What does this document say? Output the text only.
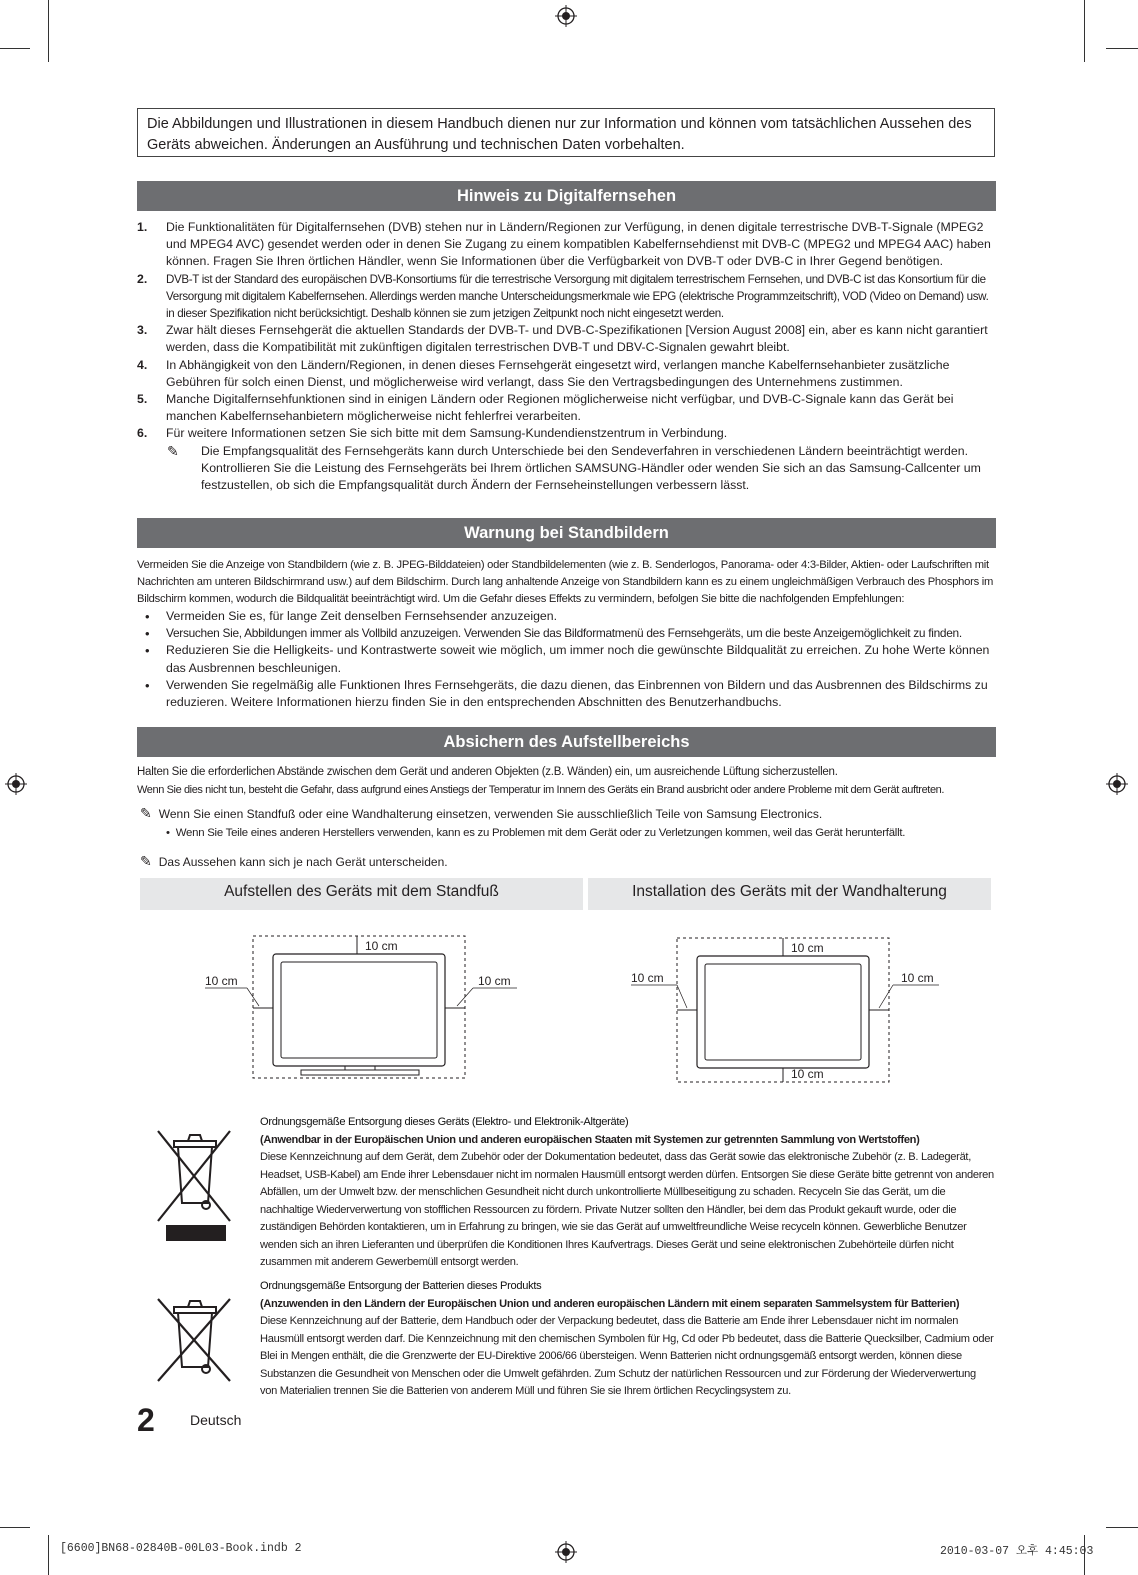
Die Abbildungen und Illustrationen in diesem Handbuch dienen nur zur Information und können vom tatsächlichen Aussehen des Geräts abweichen. Änderungen an Ausführung und technischen Daten vorbehalten.
Hinweis zu Digitalfernsehen
1. Die Funktionalitäten für Digitalfernsehen (DVB) stehen nur in Ländern/Regionen zur Verfügung, in denen digitale terrestrische DVB-T-Signale (MPEG2 und MPEG4 AVC) gesendet werden oder in denen Sie Zugang zu einem kompatiblen Kabelfernsehdienst mit DVB-C (MPEG2 und MPEG4 AAC) haben können. Fragen Sie Ihren örtlichen Händler, wenn Sie Informationen über die Verfügbarkeit von DVB-T oder DVB-C in Ihrer Gegend benötigen.
2. DVB-T ist der Standard des europäischen DVB-Konsortiums für die terrestrische Versorgung mit digitalem terrestrischem Fernsehen, und DVB-C ist das Konsortium für die Versorgung mit digitalem Kabelfernsehen. Allerdings werden manche Unterscheidungsmerkmale wie EPG (elektrische Programmzeitschrift), VOD (Video on Demand) usw. in dieser Spezifikation nicht berücksichtigt. Deshalb können sie zum jetzigen Zeitpunkt noch nicht eingesetzt werden.
3. Zwar hält dieses Fernsehgerät die aktuellen Standards der DVB-T- und DVB-C-Spezifikationen [Version August 2008] ein, aber es kann nicht garantiert werden, dass die Kompatibilität mit zukünftigen digitalen terrestrischen DVB-T und DBV-C-Signalen gewahrt bleibt.
4. In Abhängigkeit von den Ländern/Regionen, in denen dieses Fernsehgerät eingesetzt wird, verlangen manche Kabelfernsehanbieter zusätzliche Gebühren für solch einen Dienst, und möglicherweise wird verlangt, dass Sie den Vertragsbedingungen des Unternehmens zustimmen.
5. Manche Digitalfernsehfunktionen sind in einigen Ländern oder Regionen möglicherweise nicht verfügbar, und DVB-C-Signale kann das Gerät bei manchen Kabelfernsehanbietern möglicherweise nicht fehlerfrei verarbeiten.
6. Für weitere Informationen setzen Sie sich bitte mit dem Samsung-Kundendienstzentrum in Verbindung.
✎ Die Empfangsqualität des Fernsehgeräts kann durch Unterschiede bei den Sendeverfahren in verschiedenen Ländern beeinträchtigt werden. Kontrollieren Sie die Leistung des Fernsehgeräts bei Ihrem örtlichen SAMSUNG-Händler oder wenden Sie sich an das Samsung-Callcenter um festzustellen, ob sich die Empfangsqualität durch Ändern der Fernseheinstellungen verbessern lässt.
Warnung bei Standbildern
Vermeiden Sie die Anzeige von Standbildern (wie z. B. JPEG-Bilddateien) oder Standbildelementen (wie z. B. Senderlogos, Panorama- oder 4:3-Bilder, Aktien- oder Laufschriften mit Nachrichten am unteren Bildschirmrand usw.) auf dem Bildschirm. Durch lang anhaltende Anzeige von Standbildern kann es zu einem ungleichmäßigen Verbrauch des Phosphors im Bildschirm kommen, wodurch die Bildqualität beeinträchtigt wird. Um die Gefahr dieses Effekts zu vermindern, befolgen Sie bitte die nachfolgenden Empfehlungen:
• Vermeiden Sie es, für lange Zeit denselben Fernsehsender anzuzeigen.
• Versuchen Sie, Abbildungen immer als Vollbild anzuzeigen. Verwenden Sie das Bildformatmenü des Fernsehgeräts, um die beste Anzeigemöglichkeit zu finden.
• Reduzieren Sie die Helligkeits- und Kontrastwerte soweit wie möglich, um immer noch die gewünschte Bildqualität zu erreichen. Zu hohe Werte können das Ausbrennen beschleunigen.
• Verwenden Sie regelmäßig alle Funktionen Ihres Fernsehgeräts, die dazu dienen, das Einbrennen von Bildern und das Ausbrennen des Bildschirms zu reduzieren. Weitere Informationen hierzu finden Sie in den entsprechenden Abschnitten des Benutzerhandbuchs.
Absichern des Aufstellbereichs
Halten Sie die erforderlichen Abstände zwischen dem Gerät und anderen Objekten (z.B. Wänden) ein, um ausreichende Lüftung sicherzustellen.
Wenn Sie dies nicht tun, besteht die Gefahr, dass aufgrund eines Anstiegs der Temperatur im Innern des Geräts ein Brand ausbricht oder andere Probleme mit dem Gerät auftreten.
✎ Wenn Sie einen Standfuß oder eine Wandhalterung einsetzen, verwenden Sie ausschließlich Teile von Samsung Electronics.
• Wenn Sie Teile eines anderen Herstellers verwenden, kann es zu Problemen mit dem Gerät oder zu Verletzungen kommen, weil das Gerät herunterfällt.
✎ Das Aussehen kann sich je nach Gerät unterscheiden.
Aufstellen des Geräts mit dem Standfuß	Installation des Geräts mit der Wandhalterung
10 cm
10 cm	10 cm
10 cm
10 cm	10 cm
10 cm
Ordnungsgemäße Entsorgung dieses Geräts (Elektro- und Elektronik-Altgeräte)
(Anwendbar in der Europäischen Union und anderen europäischen Staaten mit Systemen zur getrennten Sammlung von Wertstoffen)
Diese Kennzeichnung auf dem Gerät, dem Zubehör oder der Dokumentation bedeutet, dass das Gerät sowie das elektronische Zubehör (z. B. Ladegerät, Headset, USB-Kabel) am Ende ihrer Lebensdauer nicht im normalen Hausmüll entsorgt werden dürfen. Entsorgen Sie diese Geräte bitte getrennt von anderen Abfällen, um der Umwelt bzw. der menschlichen Gesundheit nicht durch unkontrollierte Müllbeseitigung zu schaden. Recyceln Sie das Gerät, um die nachhaltige Wiederverwertung von stofflichen Ressourcen zu fördern. Private Nutzer sollten den Händler, bei dem das Produkt gekauft wurde, oder die zuständigen Behörden kontaktieren, um in Erfahrung zu bringen, wie sie das Gerät auf umweltfreundliche Weise recyceln können. Gewerbliche Benutzer wenden sich an ihren Lieferanten und überprüfen die Konditionen Ihres Kaufvertrags. Dieses Gerät und seine elektronischen Zubehörteile dürfen nicht zusammen mit anderem Gewerbemüll entsorgt werden.
Ordnungsgemäße Entsorgung der Batterien dieses Produkts
(Anzuwenden in den Ländern der Europäischen Union und anderen europäischen Ländern mit einem separaten Sammelsystem für Batterien)
Diese Kennzeichnung auf der Batterie, dem Handbuch oder der Verpackung bedeutet, dass die Batterie am Ende ihrer Lebensdauer nicht im normalen Hausmüll entsorgt werden darf. Die Kennzeichnung mit den chemischen Symbolen für Hg, Cd oder Pb bedeutet, dass die Batterie Quecksilber, Cadmium oder Blei in Mengen enthält, die die Grenzwerte der EU-Direktive 2006/66 übersteigen. Wenn Batterien nicht ordnungsgemäß entsorgt werden, können diese Substanzen die Gesundheit von Menschen oder die Umwelt gefährden. Zum Schutz der natürlichen Ressourcen und zur Förderung der Wiederverwertung von Materialien trennen Sie die Batterien von anderem Müll und führen Sie sie Ihrem örtlichen Recyclingsystem zu.
2	Deutsch
[6600]BN68-02840B-00L03-Book.indb 2	2010-03-07 오후 4:45:03
